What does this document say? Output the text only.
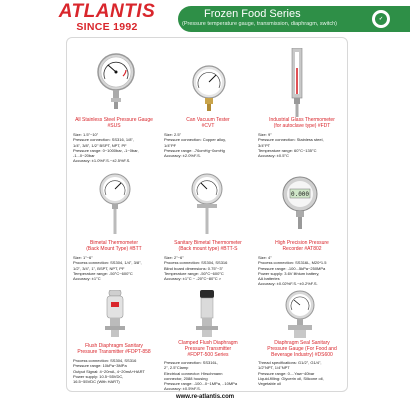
ATLANTIS
SINCE 1992
Frozen Food Series
(Pressure temperature gauge, transmission, diaphragm, switch)
✓
All Stainless Steel Pressure Gauge
#SUS
Size: 1.5"~10"
Pressure connection: SS316, 1/8",
1/4", 3/8", 1/2" BSPT, NPT, PF
Pressure range: 0~1000bar, -1~0bar,
-1...0~20bar
Accuracy: ±1.0%F.S.~±2.5%F.S.
Can Vacuum Tester
#CVT
Size: 2.5"
Pressure connection: Copper alloy,
1/4"PF
Pressure range: -76cmHg~0cmHg
Accuracy: ±2.0%F.S.
Industrial Glass Thermometer
(for autoclave type) #FDT
Size: 9"
Pressure connection: Stainless steel,
3/4"PT
Temperature range: 60°C~135°C
Accuracy: ±0.5°C
0.000
Bimetal Thermometer
(Back Mount Type) #BTT
Size: 1"~6"
Process connection: SS304, 1/4", 3/8",
1/2", 3/4", 1", BSPT, NPT, PF
Temperature range: -50°C~600°C
Accuracy: ±1°C
Sanitary Bimetal Thermometer
(Back mount type) #BTT-S
Size: 2"~6"
Process connection: SS304, SS316
Blind board dimensions: 0.75"~3"
Temperature range: -50°C~600°C
Accuracy: ±1°C ~ -20°C~80°C >
High Precision Pressure
Recorder #AT802
Size: 4"
Process connection: SS316L, M20*1.5
Pressure range: -100...5kPa~250MPa
Power supply: 3.6V lithium battery,
AA batteries
Accuracy: ±0.02%F.S.~±0.2%F.S.
Flush Diaphragm Sanitary
Pressure Transmitter #FDPT-858
Process connection: SS304, SS316
Pressure range: 10kPa~3MPa
Output Signal: 4~20mA, 4~20mA+HART
Power supply: 10.5~55VDC,
16.5~55VDC (With HART)
Clamped Flush Diaphragm
Pressure Transmitter
#FDPT-500 Series
Pressure connection: SS316L,
2", 2.5"Clamp
Electrical connector: Hirschmann
connector, 2088 housing
Pressure range: -100...0~1MPa, ..10MPa
Accuracy: ±0.5%F.S.
Diaphragm Seal Sanitary
Pressure Gauge (For Food and
Beverage Industry) #DS600
Thread specifications: G1/2", G1/4",
1/2"NPT, 1/4"NPT
Pressure range: 0....Yaw~40bar
Liquid-filling: Glycerin oil, Silicone oil,
Vegetable oil
www.re-atlantis.com
